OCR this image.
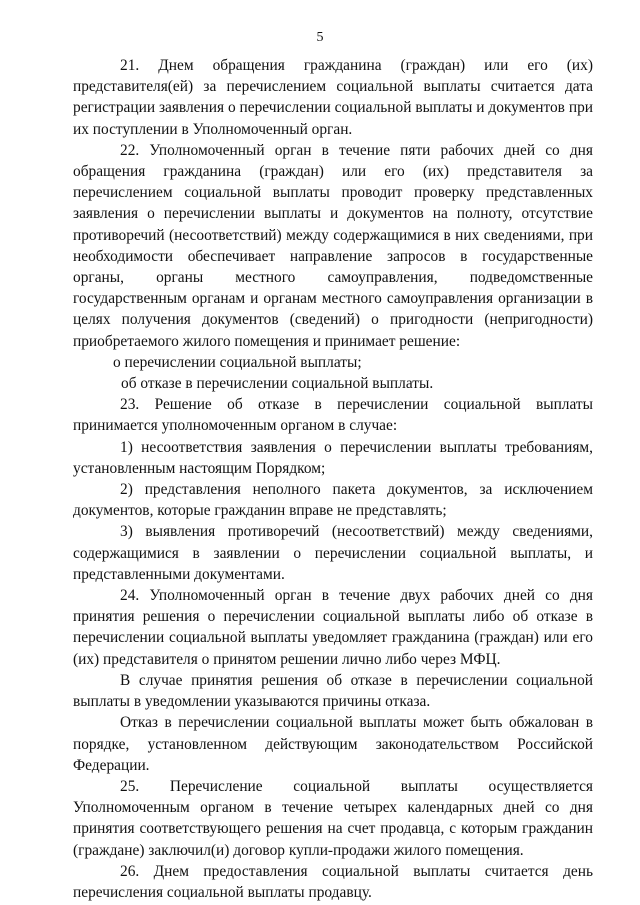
5

21. Днем обращения гражданина (граждан) или его (их) представителя(ей) за перечислением социальной выплаты считается дата регистрации заявления о перечислении социальной выплаты и документов при их поступлении в Уполномоченный орган.

22. Уполномоченный орган в течение пяти рабочих дней со дня обращения гражданина (граждан) или его (их) представителя за перечислением социальной выплаты проводит проверку представленных заявления о перечислении выплаты и документов на полноту, отсутствие противоречий (несоответствий) между содержащимися в них сведениями, при необходимости обеспечивает направление запросов в государственные органы, органы местного самоуправления, подведомственные государственным органам и органам местного самоуправления организации в целях получения документов (сведений) о пригодности (непригодности) приобретаемого жилого помещения и принимает решение:

о перечислении социальной выплаты;

об отказе в перечислении социальной выплаты.

23. Решение об отказе в перечислении социальной выплаты принимается уполномоченным органом в случае:

1) несоответствия заявления о перечислении выплаты требованиям, установленным настоящим Порядком;

2) представления неполного пакета документов, за исключением документов, которые гражданин вправе не представлять;

3) выявления противоречий (несоответствий) между сведениями, содержащимися в заявлении о перечислении социальной выплаты, и представленными документами.

24. Уполномоченный орган в течение двух рабочих дней со дня принятия решения о перечислении социальной выплаты либо об отказе в перечислении социальной выплаты уведомляет гражданина (граждан) или его (их) представителя о принятом решении лично либо через МФЦ.

В случае принятия решения об отказе в перечислении социальной выплаты в уведомлении указываются причины отказа.

Отказ в перечислении социальной выплаты может быть обжалован в порядке, установленном действующим законодательством Российской Федерации.

25. Перечисление социальной выплаты осуществляется Уполномоченным органом в течение четырех календарных дней со дня принятия соответствующего решения на счет продавца, с которым гражданин (граждане) заключил(и) договор купли-продажи жилого помещения.

26. Днем предоставления социальной выплаты считается день перечисления социальной выплаты продавцу.
